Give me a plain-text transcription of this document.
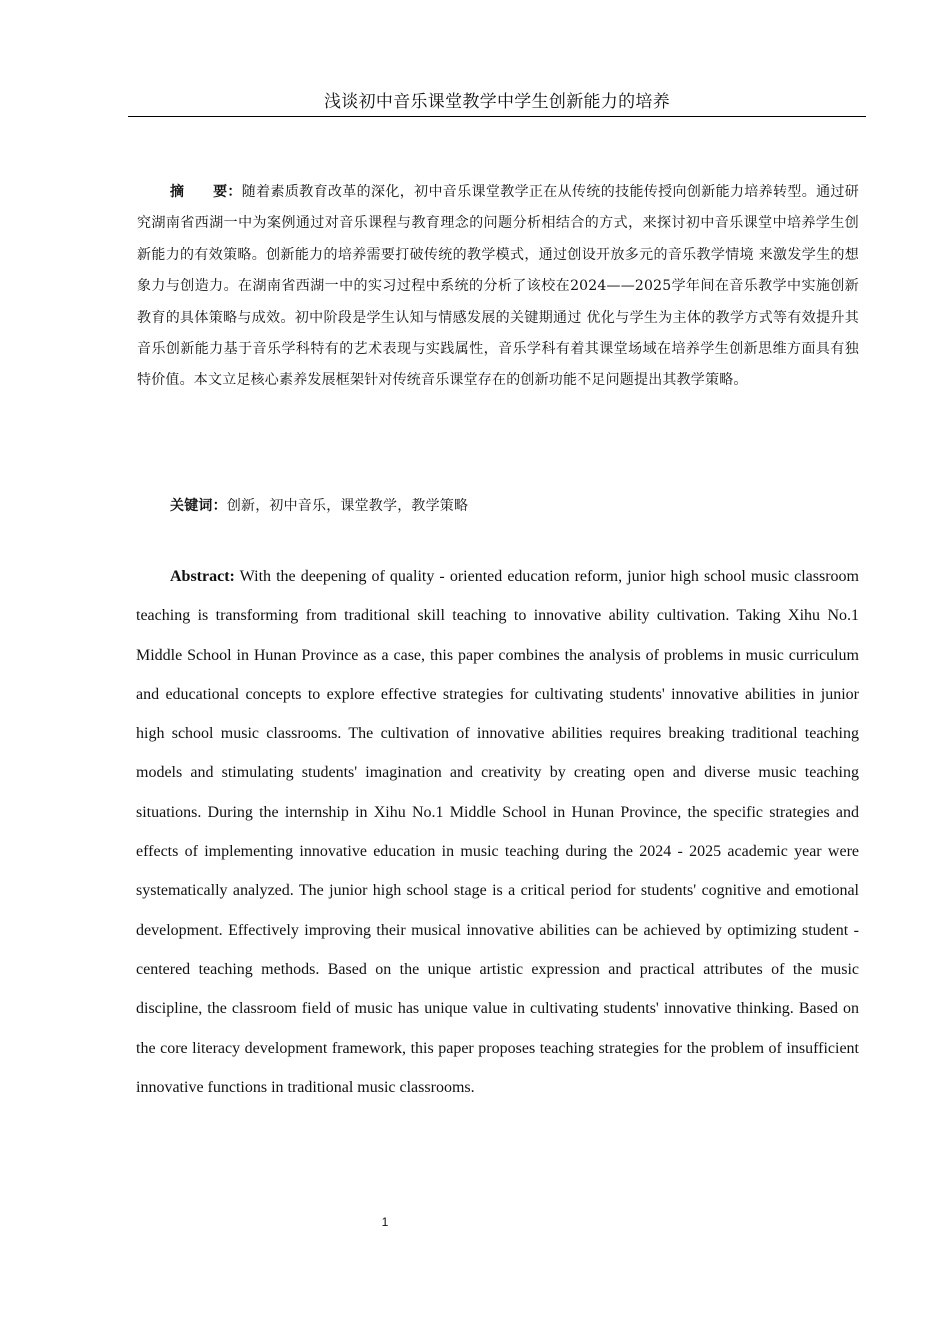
浅谈初中音乐课堂教学中学生创新能力的培养

摘　　要：随着素质教育改革的深化，初中音乐课堂教学正在从传统的技能传授向创新能力培养转型。通过研究湖南省西湖一中为案例通过对音乐课程与教育理念的问题分析相结合的方式，来探讨初中音乐课堂中培养学生创新能力的有效策略。创新能力的培养需要打破传统的教学模式，通过创设开放多元的音乐教学情境 来激发学生的想象力与创造力。在湖南省西湖一中的实习过程中系统的分析了该校在2024——2025学年间在音乐教学中实施创新教育的具体策略与成效。初中阶段是学生认知与情感发展的关键期通过 优化与学生为主体的教学方式等有效提升其音乐创新能力基于音乐学科特有的艺术表现与实践属性，音乐学科有着其课堂场域在培养学生创新思维方面具有独特价值。本文立足核心素养发展框架针对传统音乐课堂存在的创新功能不足问题提出其教学策略。

关键词：创新，初中音乐，课堂教学，教学策略

Abstract: With the deepening of quality - oriented education reform, junior high school music classroom teaching is transforming from traditional skill teaching to innovative ability cultivation. Taking Xihu No.1 Middle School in Hunan Province as a case, this paper combines the analysis of problems in music curriculum and educational concepts to explore effective strategies for cultivating students' innovative abilities in junior high school music classrooms. The cultivation of innovative abilities requires breaking traditional teaching models and stimulating students' imagination and creativity by creating open and diverse music teaching situations. During the internship in Xihu No.1 Middle School in Hunan Province, the specific strategies and effects of implementing innovative education in music teaching during the 2024 - 2025 academic year were systematically analyzed. The junior high school stage is a critical period for students' cognitive and emotional development. Effectively improving their musical innovative abilities can be achieved by optimizing student - centered teaching methods. Based on the unique artistic expression and practical attributes of the music discipline, the classroom field of music has unique value in cultivating students' innovative thinking. Based on the core literacy development framework, this paper proposes teaching strategies for the problem of insufficient innovative functions in traditional music classrooms.

1
